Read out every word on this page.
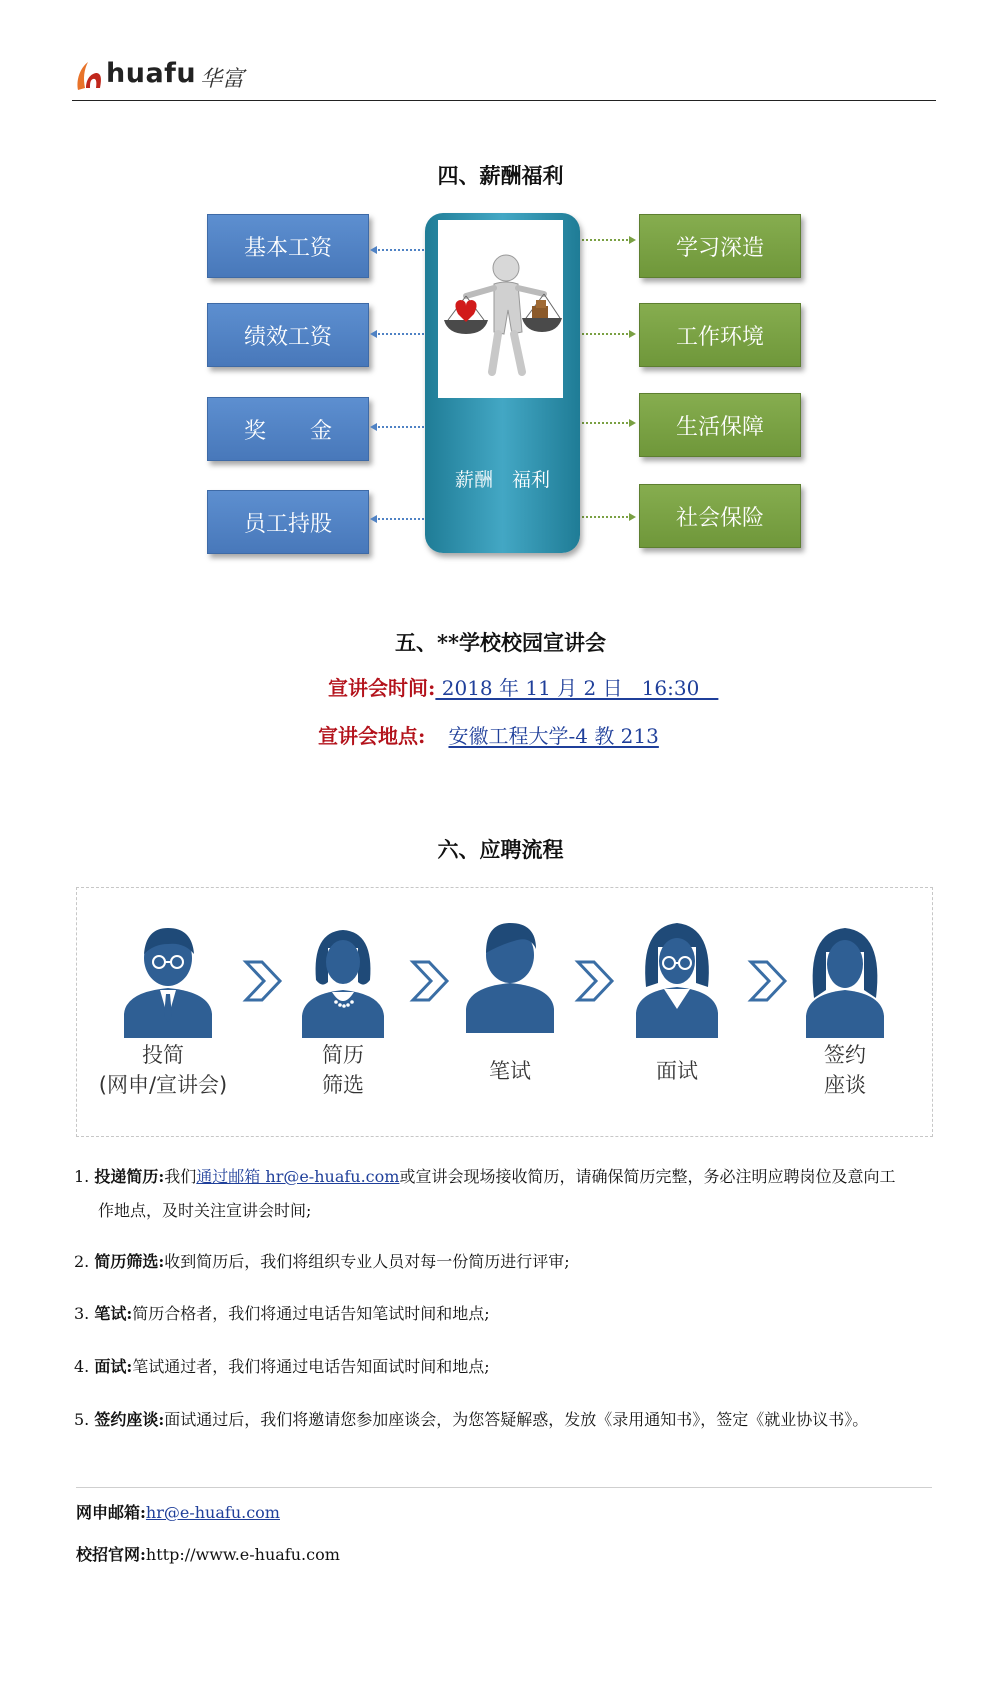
huafu 华富
四、薪酬福利
基本工资
绩效工资
奖　　金
员工持股
学习深造
工作环境
生活保障
社会保险
薪酬　福利
五、**学校校园宣讲会
宣讲会时间: 2018 年 11 月 2 日   16:30
宣讲会地点: 安徽工程大学-4 教 213
六、应聘流程
投简
(网申/宣讲会)
简历
筛选
笔试	面试
签约
座谈
1. 投递简历:我们通过邮箱 hr@e-huafu.com或宣讲会现场接收简历，请确保简历完整，务必注明应聘岗位及意向工
作地点，及时关注宣讲会时间;
2. 简历筛选:收到简历后，我们将组织专业人员对每一份简历进行评审;
3. 笔试:简历合格者，我们将通过电话告知笔试时间和地点;
4. 面试:笔试通过者，我们将通过电话告知面试时间和地点;
5. 签约座谈:面试通过后，我们将邀请您参加座谈会，为您答疑解惑，发放《录用通知书》，签定《就业协议书》。
网申邮箱:hr@e-huafu.com
校招官网:http://www.e-huafu.com
